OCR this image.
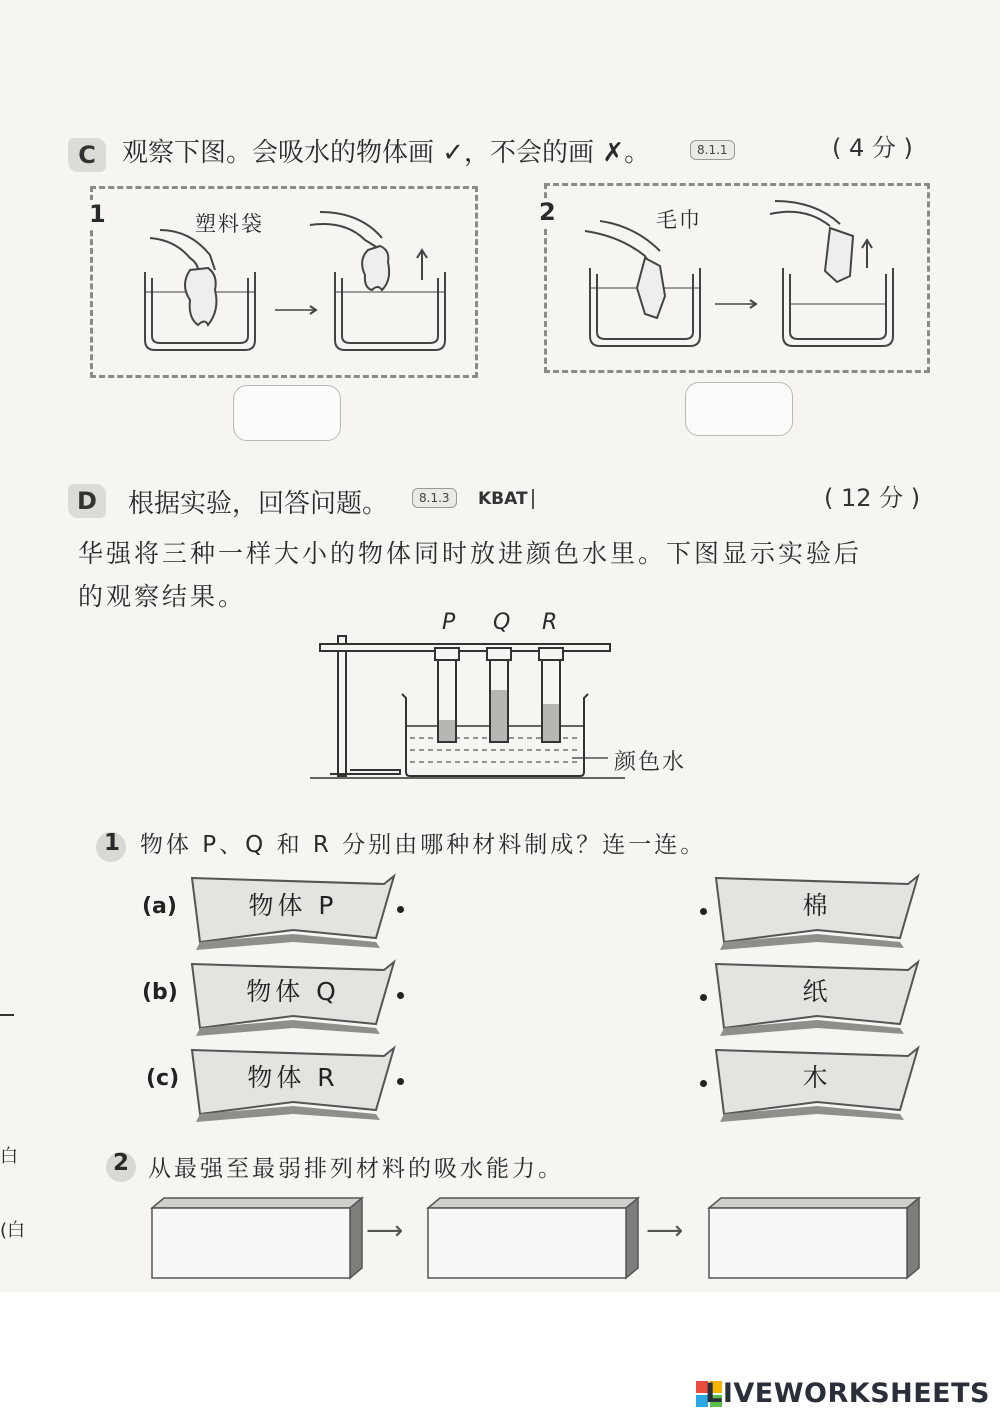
C 观察下图。会吸水的物体画 ✓，不会的画 ✗。	8.1.1	( 4 分 )
1	塑料袋	2	毛巾
D 根据实验，回答问题。	8.1.3	KBAT	( 12 分 )
华强将三种一样大小的物体同时放进颜色水里。下图显示实验后
的观察结果。
P Q R
颜色水
1 物体 P、Q 和 R 分别由哪种材料制成？连一连。
(a)	物体 P
(b)	物体 Q
(c)	物体 R
棉
纸
木
2 从最强至最弱排列材料的吸水能力。
⟶	⟶
白
(白
LIVEWORKSHEETS
